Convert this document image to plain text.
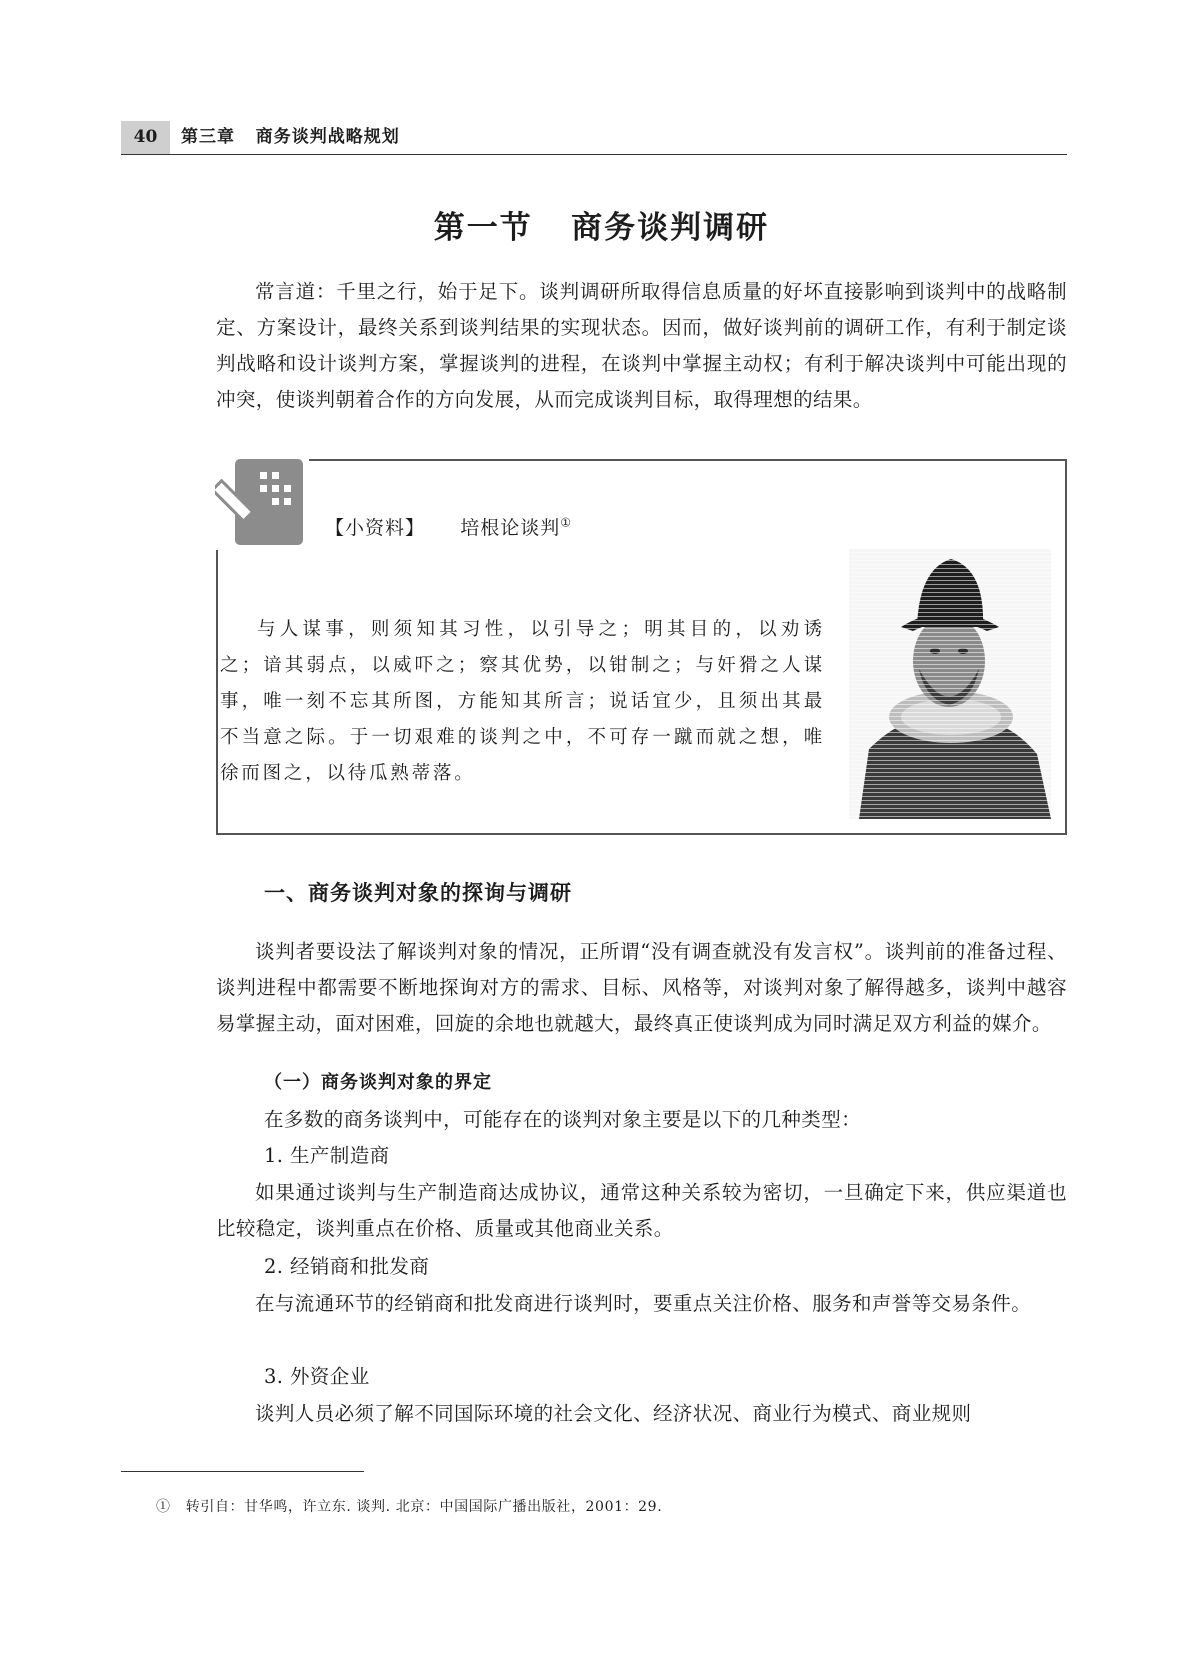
40	第三章   商务谈判战略规划
第一节   商务谈判调研
常言道：千里之行，始于足下。谈判调研所取得信息质量的好坏直接影响到谈判中的战略制定、方案设计，最终关系到谈判结果的实现状态。因而，做好谈判前的调研工作，有利于制定谈判战略和设计谈判方案，掌握谈判的进程，在谈判中掌握主动权；有利于解决谈判中可能出现的冲突，使谈判朝着合作的方向发展，从而完成谈判目标，取得理想的结果。
【小资料】     培根论谈判①
与人谋事，则须知其习性，以引导之；明其目的，以劝诱之；谙其弱点，以威吓之；察其优势，以钳制之；与奸猾之人谋事，唯一刻不忘其所图，方能知其所言；说话宜少，且须出其最不当意之际。于一切艰难的谈判之中，不可存一蹴而就之想，唯徐而图之，以待瓜熟蒂落。
一、商务谈判对象的探询与调研
谈判者要设法了解谈判对象的情况，正所谓“没有调查就没有发言权”。谈判前的准备过程、谈判进程中都需要不断地探询对方的需求、目标、风格等，对谈判对象了解得越多，谈判中越容易掌握主动，面对困难，回旋的余地也就越大，最终真正使谈判成为同时满足双方利益的媒介。
（一）商务谈判对象的界定
在多数的商务谈判中，可能存在的谈判对象主要是以下的几种类型：
1. 生产制造商
如果通过谈判与生产制造商达成协议，通常这种关系较为密切，一旦确定下来，供应渠道也比较稳定，谈判重点在价格、质量或其他商业关系。
2. 经销商和批发商
在与流通环节的经销商和批发商进行谈判时，要重点关注价格、服务和声誉等交易条件。
3. 外资企业
谈判人员必须了解不同国际环境的社会文化、经济状况、商业行为模式、商业规则
①   转引自：甘华鸣，许立东. 谈判. 北京：中国国际广播出版社，2001：29.
